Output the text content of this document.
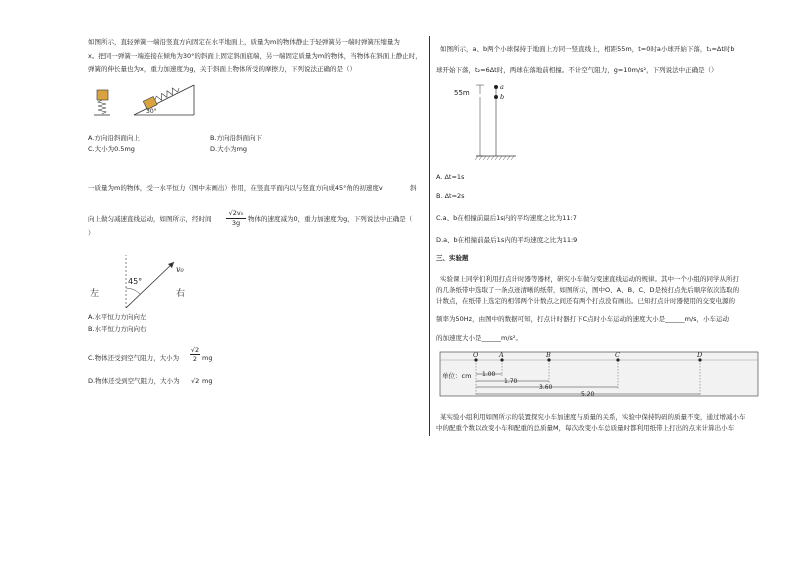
如图所示，直轻弹簧一端沿竖直方向固定在水平地面上，质量为m的物体静止于轻弹簧另一端时弹簧压缩量为
x。把同一弹簧一端连接在倾角为30°的斜面上固定斜面底端，另一端固定质量为m的物体，当物体在斜面上静止时，
弹簧的伸长量也为x，重力加速度为g，关于斜面上物体所受的摩擦力，下列说法正确的是（）
30°
A.方向沿斜面向上	B.方向沿斜面向下
C.大小为0.5mg	D.大小为mg
一质量为m的物体，受一水平恒力（图中未画出）作用，在竖直平面内以与竖直方向成45°角的初速度v	斜
向上做匀减速直线运动，如图所示，经时间
√2v₀
3g	物体的速度减为0，重力加速度为g，下列说法中正确是（
）
45°
v₀
左	右
A.水平恒力方向向左
B.水平恒力方向向右
C.物体还受到空气阻力，大小为
√2
2 mg
D.物体还受到空气阻力，大小为 √2 mg
如图所示，a、b两个小球保持于地面上方同一竖直线上，相距55m，t=0时a小球开始下落，t₁=Δt时b
球开始下落，t₂=6Δt时，两球在落地前相撞。不计空气阻力，g=10m/s²，下列说法中正确是（）
55m
a
b
A. Δt=1s
B. Δt=2s
C.a、b在相撞前最后1s内的平均速度之比为11:7
D.a、b在相撞前最后1s内的平均速度之比为11:9
三、实验题
实验课上同学们利用打点计时器等器材，研究小车做匀变速直线运动的规律。其中一个小组的同学从所打
的几条纸带中选取了一条点迹清晰的纸带，如图所示，图中O、A、B、C、D是按打点先后顺序依次选取的
计数点，在纸带上选定的相邻两个计数点之间还有两个打点没有画出。已知打点计时器使用的交变电源的
频率为50Hz，由图中的数据可知，打点计时器打下C点时小车运动的速度大小是______m/s，小车运动
的加速度大小是______m/s²。
单位：cm
O	A	B	C	D
1.00
1.70
3.60
5.20
某实验小组利用如图所示的装置探究小车加速度与质量的关系，实验中保持钩码的质量不变，通过增减小车
中的配重个数以改变小车和配重的总质量M，每次改变小车总质量时都利用纸带上打出的点来计算出小车
